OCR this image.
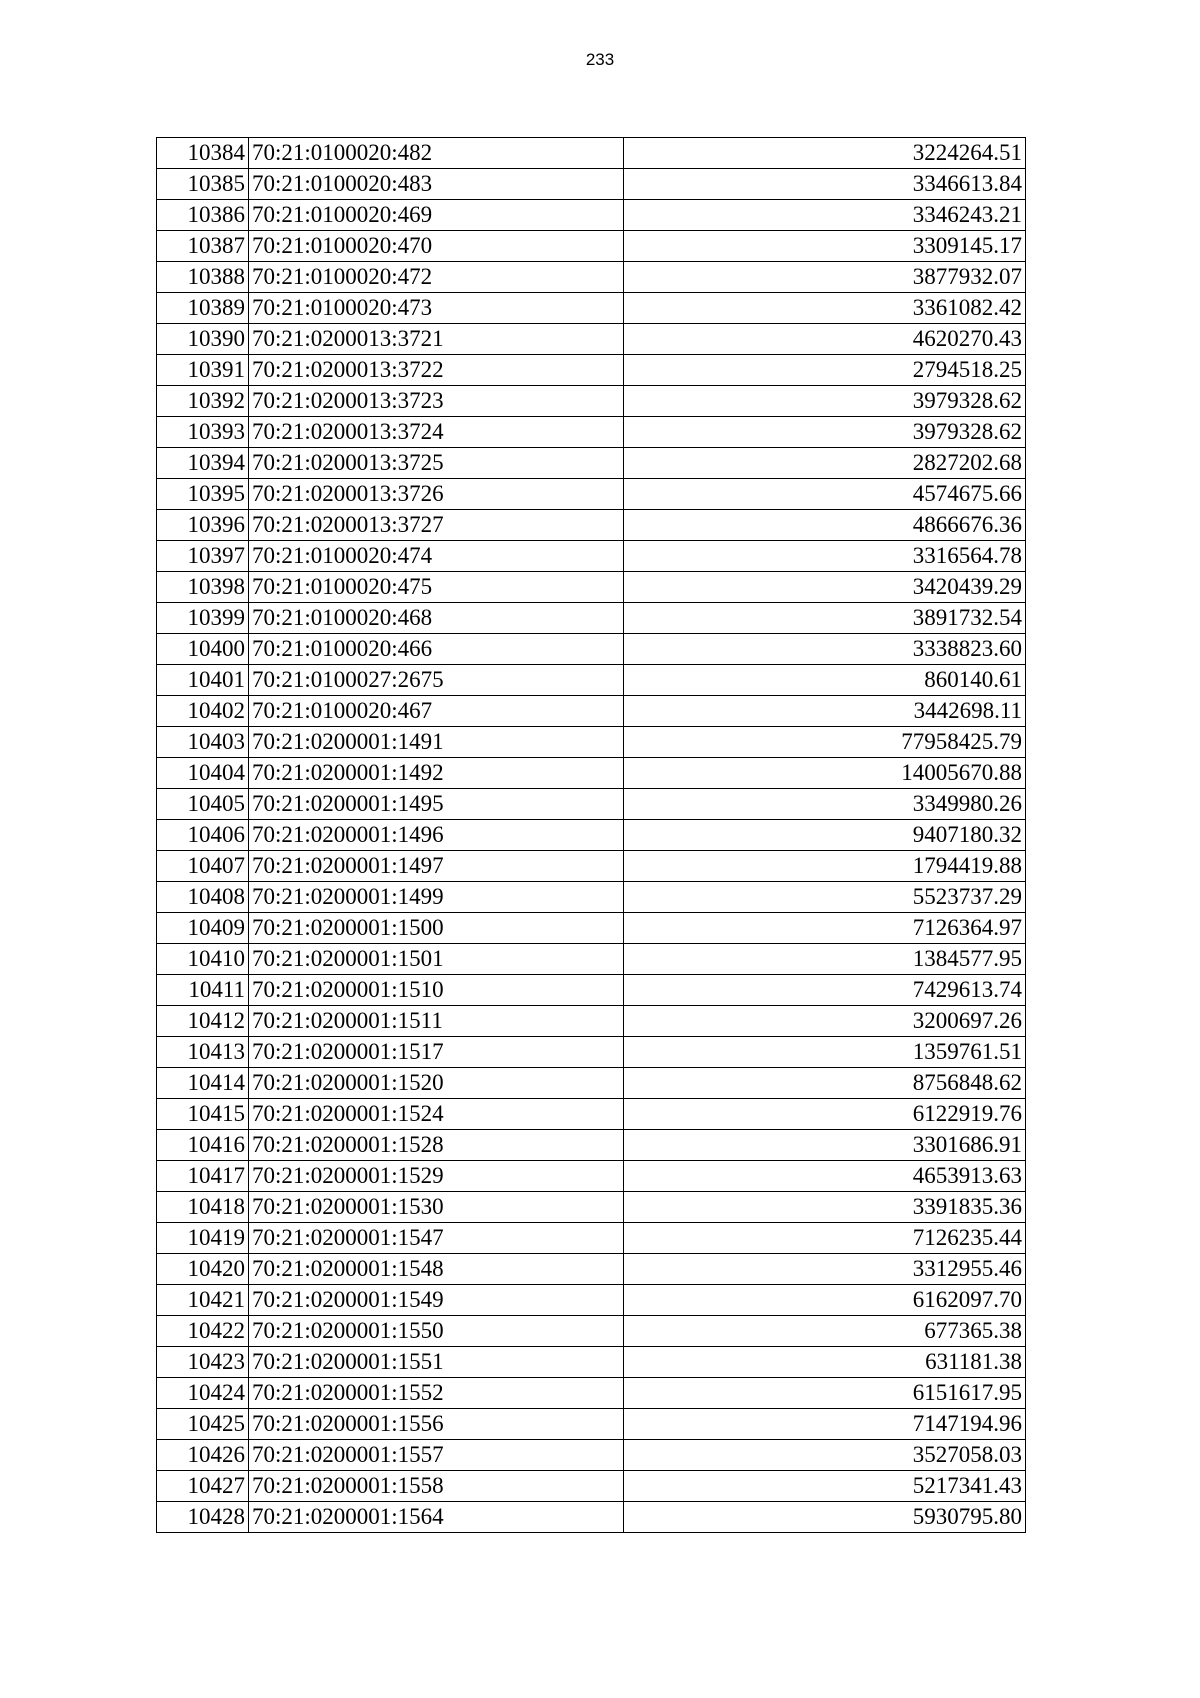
233
10384	70:21:0100020:482	3224264.51
10385	70:21:0100020:483	3346613.84
10386	70:21:0100020:469	3346243.21
10387	70:21:0100020:470	3309145.17
10388	70:21:0100020:472	3877932.07
10389	70:21:0100020:473	3361082.42
10390	70:21:0200013:3721	4620270.43
10391	70:21:0200013:3722	2794518.25
10392	70:21:0200013:3723	3979328.62
10393	70:21:0200013:3724	3979328.62
10394	70:21:0200013:3725	2827202.68
10395	70:21:0200013:3726	4574675.66
10396	70:21:0200013:3727	4866676.36
10397	70:21:0100020:474	3316564.78
10398	70:21:0100020:475	3420439.29
10399	70:21:0100020:468	3891732.54
10400	70:21:0100020:466	3338823.60
10401	70:21:0100027:2675	860140.61
10402	70:21:0100020:467	3442698.11
10403	70:21:0200001:1491	77958425.79
10404	70:21:0200001:1492	14005670.88
10405	70:21:0200001:1495	3349980.26
10406	70:21:0200001:1496	9407180.32
10407	70:21:0200001:1497	1794419.88
10408	70:21:0200001:1499	5523737.29
10409	70:21:0200001:1500	7126364.97
10410	70:21:0200001:1501	1384577.95
10411	70:21:0200001:1510	7429613.74
10412	70:21:0200001:1511	3200697.26
10413	70:21:0200001:1517	1359761.51
10414	70:21:0200001:1520	8756848.62
10415	70:21:0200001:1524	6122919.76
10416	70:21:0200001:1528	3301686.91
10417	70:21:0200001:1529	4653913.63
10418	70:21:0200001:1530	3391835.36
10419	70:21:0200001:1547	7126235.44
10420	70:21:0200001:1548	3312955.46
10421	70:21:0200001:1549	6162097.70
10422	70:21:0200001:1550	677365.38
10423	70:21:0200001:1551	631181.38
10424	70:21:0200001:1552	6151617.95
10425	70:21:0200001:1556	7147194.96
10426	70:21:0200001:1557	3527058.03
10427	70:21:0200001:1558	5217341.43
10428	70:21:0200001:1564	5930795.80
